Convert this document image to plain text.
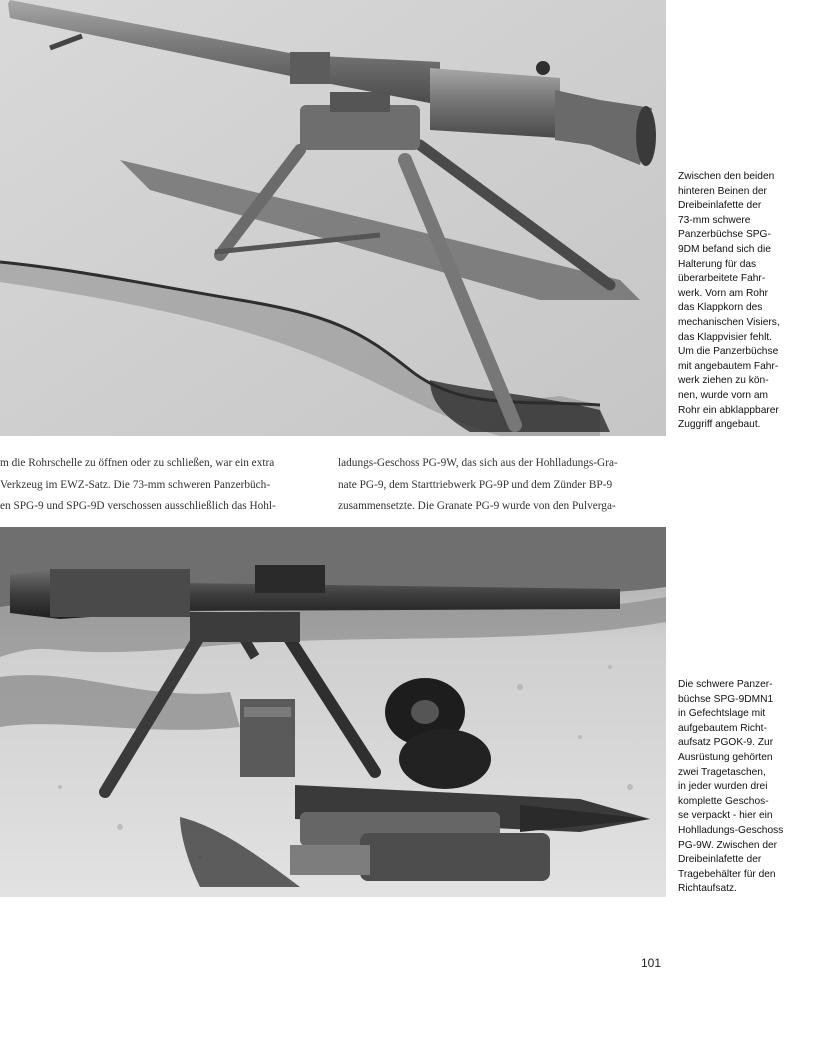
Zwischen den beiden
hinteren Beinen der
Dreibeinlafette der
73-mm schwere
Panzerbüchse SPG-
9DM befand sich die
Halterung für das
überarbeitete Fahr-
werk. Vorn am Rohr
das Klappkorn des
mechanischen Visiers,
das Klappvisier fehlt.
Um die Panzerbüchse
mit angebautem Fahr-
werk ziehen zu kön-
nen, wurde vorn am
Rohr ein abklappbarer
Zuggriff angebaut.
m die Rohrschelle zu öffnen oder zu schließen, war ein extra
Verkzeug im EWZ-Satz. Die 73-mm schweren Panzerbüch-
en SPG-9 und SPG-9D verschossen ausschließlich das Hohl-
ladungs-Geschoss PG-9W, das sich aus der Hohlladungs-Gra-
nate PG-9, dem Starttriebwerk PG-9P und dem Zünder BP-9
zusammensetzte. Die Granate PG-9 wurde von den Pulverga-
Die schwere Panzer-
büchse SPG-9DMN1
in Gefechtslage mit
aufgebautem Richt-
aufsatz PGOK-9. Zur
Ausrüstung gehörten
zwei Tragetaschen,
in jeder wurden drei
komplette Geschos-
se verpackt - hier ein
Hohlladungs-Geschoss
PG-9W. Zwischen der
Dreibeinlafette der
Tragebehälter für den
Richtaufsatz.
101
